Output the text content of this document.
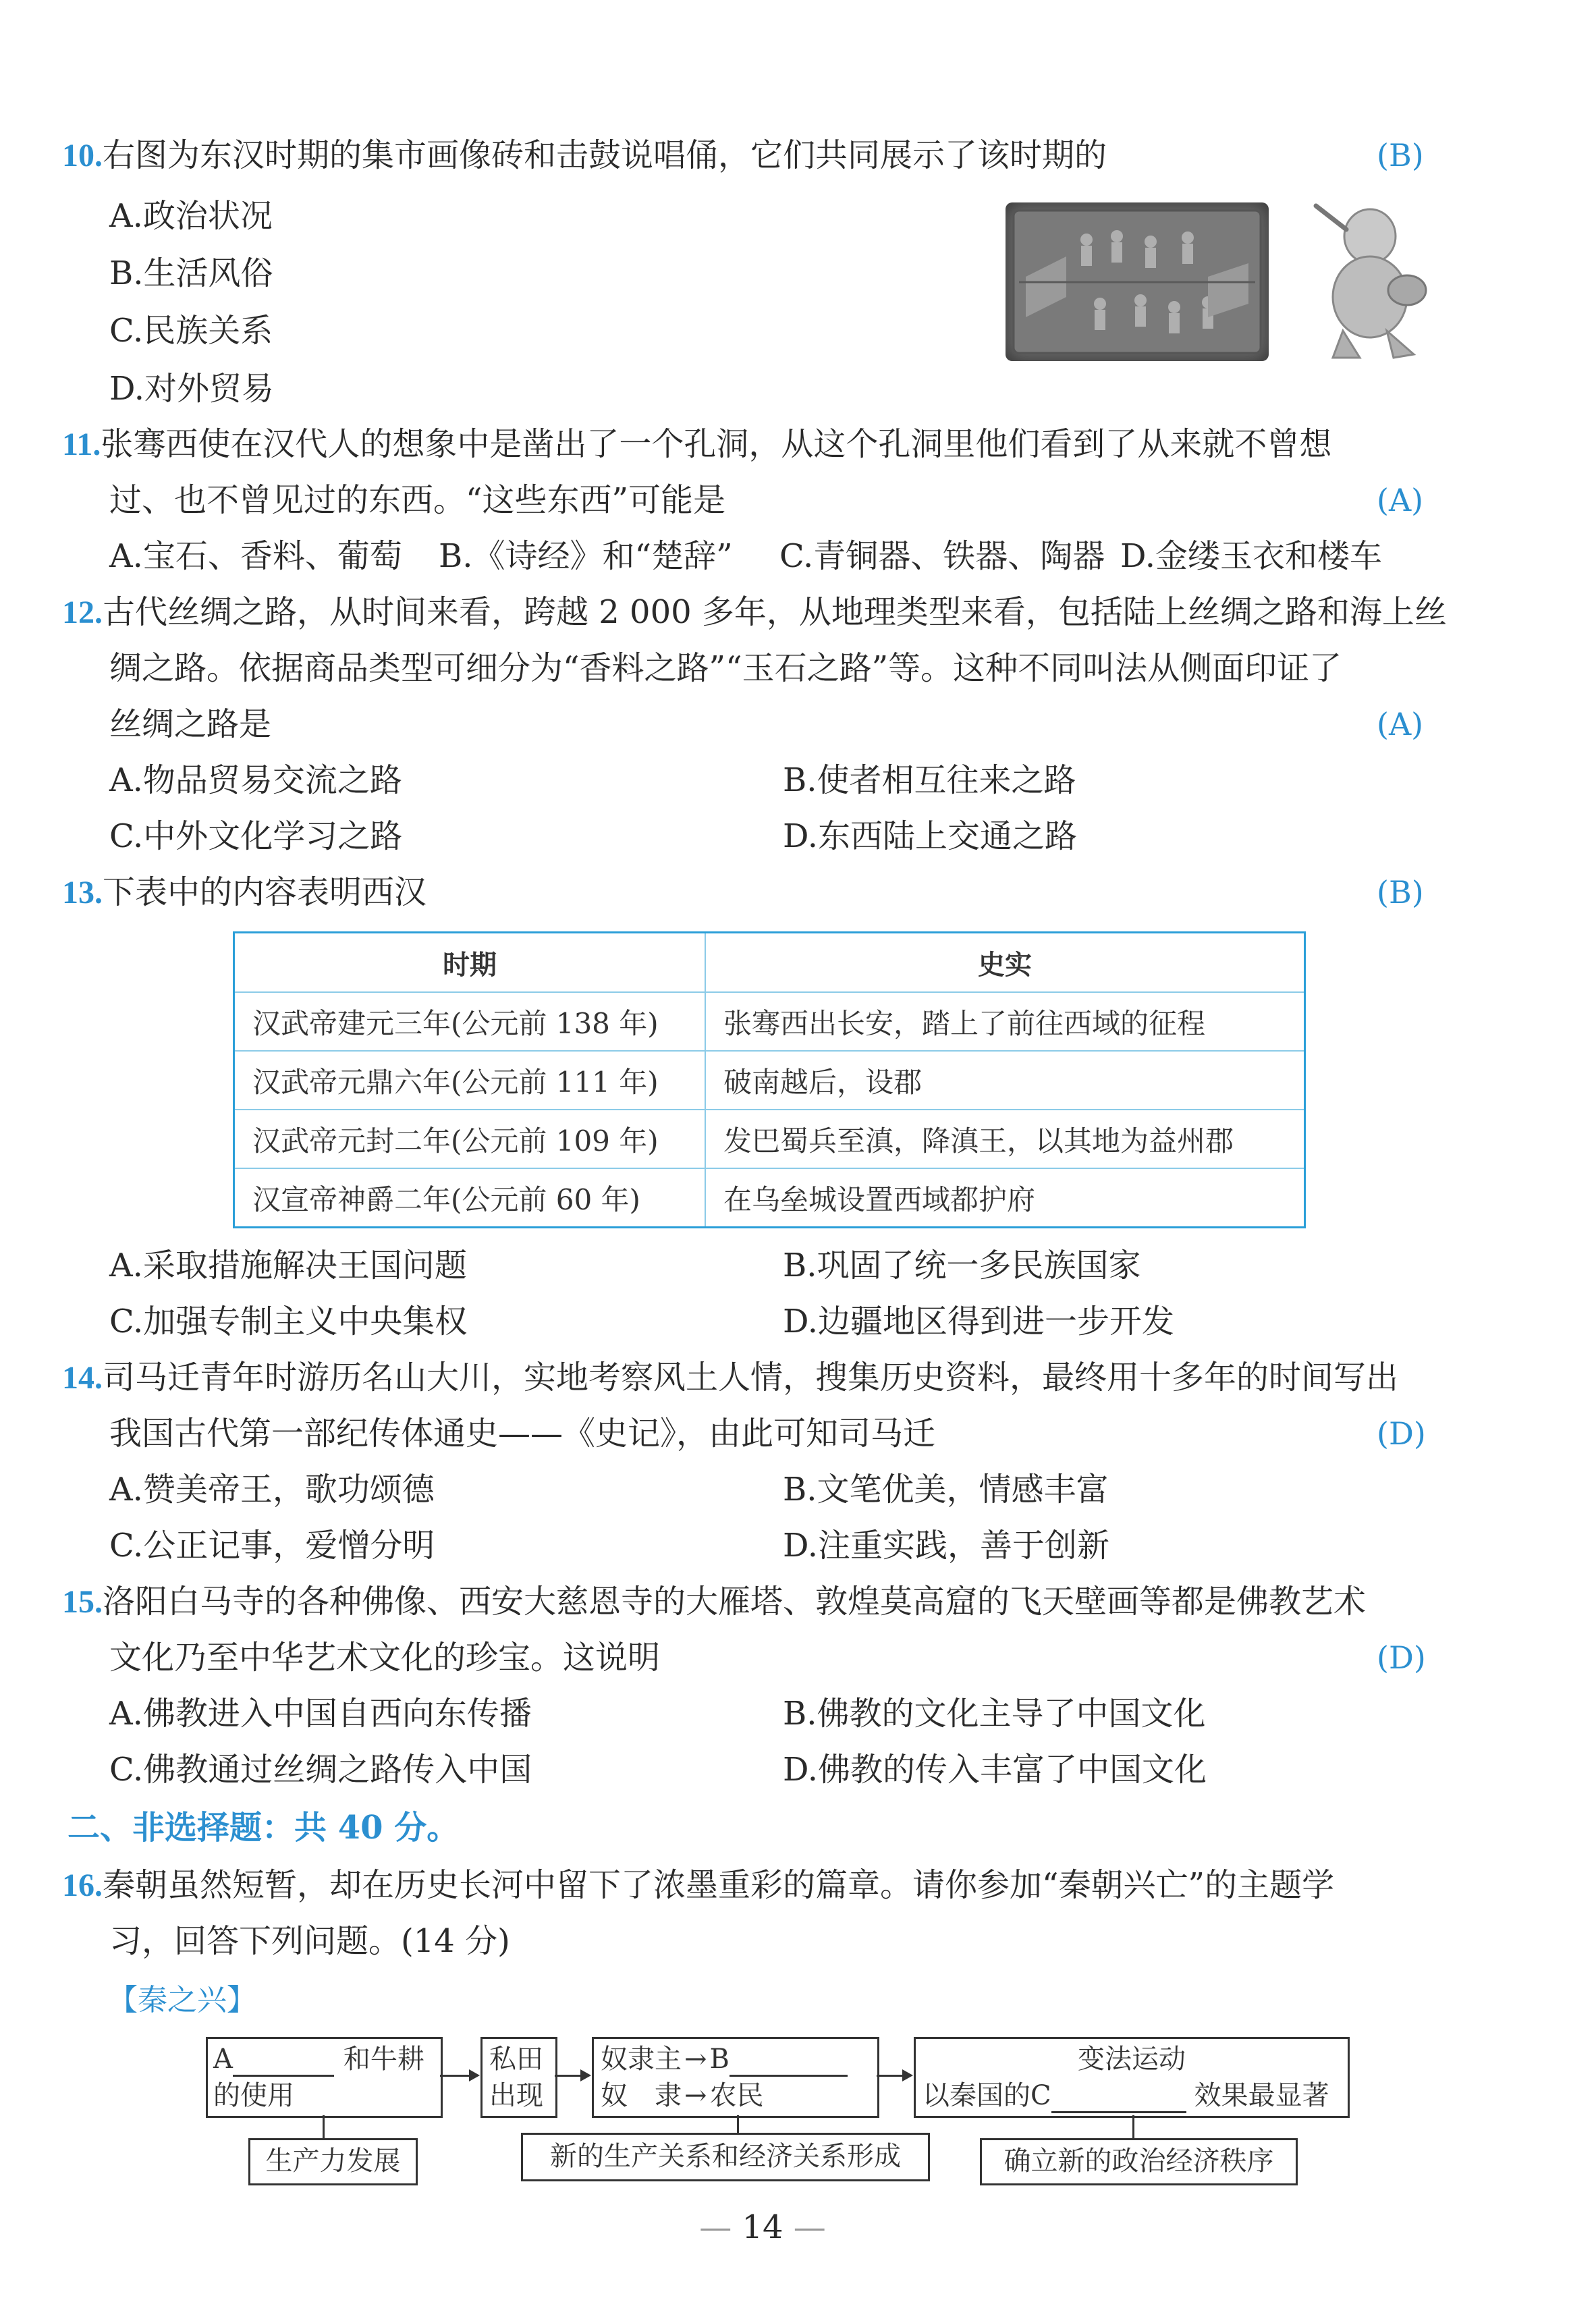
10.右图为东汉时期的集市画像砖和击鼓说唱俑，它们共同展示了该时期的	(B)
A.政治状况
B.生活风俗
C.民族关系
D.对外贸易
11.张骞西使在汉代人的想象中是凿出了一个孔洞，从这个孔洞里他们看到了从来就不曾想
过、也不曾见过的东西。“这些东西”可能是	(A)
A.宝石、香料、葡萄 B.《诗经》和“楚辞” C.青铜器、铁器、陶器 D.金缕玉衣和楼车
12.古代丝绸之路，从时间来看，跨越 2 000 多年，从地理类型来看，包括陆上丝绸之路和海上丝
绸之路。依据商品类型可细分为“香料之路”“玉石之路”等。这种不同叫法从侧面印证了
丝绸之路是	(A)
A.物品贸易交流之路	B.使者相互往来之路
C.中外文化学习之路	D.东西陆上交通之路
13.下表中的内容表明西汉	(B)
时期	史实
汉武帝建元三年(公元前 138 年)	张骞西出长安，踏上了前往西域的征程
汉武帝元鼎六年(公元前 111 年)	破南越后，设郡
汉武帝元封二年(公元前 109 年)	发巴蜀兵至滇，降滇王，以其地为益州郡
汉宣帝神爵二年(公元前 60 年)	在乌垒城设置西域都护府
A.采取措施解决王国问题	B.巩固了统一多民族国家
C.加强专制主义中央集权	D.边疆地区得到进一步开发
14.司马迁青年时游历名山大川，实地考察风土人情，搜集历史资料，最终用十多年的时间写出
我国古代第一部纪传体通史——《史记》，由此可知司马迁	(D)
A.赞美帝王，歌功颂德	B.文笔优美，情感丰富
C.公正记事，爱憎分明	D.注重实践，善于创新
15.洛阳白马寺的各种佛像、西安大慈恩寺的大雁塔、敦煌莫高窟的飞天壁画等都是佛教艺术
文化乃至中华艺术文化的珍宝。这说明	(D)
A.佛教进入中国自西向东传播	B.佛教的文化主导了中国文化
C.佛教通过丝绸之路传入中国	D.佛教的传入丰富了中国文化
二、非选择题：共 40 分。
16.秦朝虽然短暂，却在历史长河中留下了浓墨重彩的篇章。请你参加“秦朝兴亡”的主题学
习，回答下列问题。(14 分)
【秦之兴】
A	和牛耕
的使用
私田
出现
奴隶主 → B
奴　隶 → 农民
变法运动
以秦国的C	效果最显著
生产力发展	新的生产关系和经济关系形成	确立新的政治经济秩序
— 14 —
